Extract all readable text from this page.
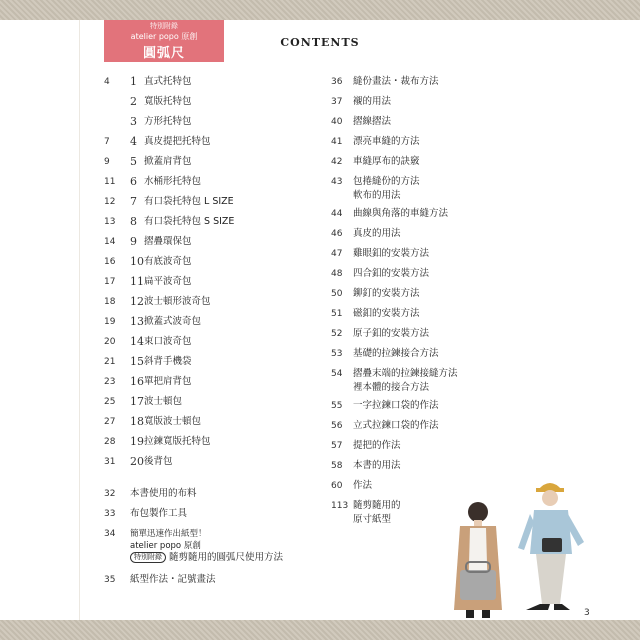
特別附錄
atelier popo 原創
圓弧尺
CONTENTS
4	1 直式托特包
2 寬版托特包
3 方形托特包
7	4 真皮提把托特包
9	5 掀蓋肩背包
11	6 水桶形托特包
12	7 有口袋托特包 L SIZE
13	8 有口袋托特包 S SIZE
14	9 摺疊環保包
16	10 有底波奇包
17	11 扁平波奇包
18	12 波士頓形波奇包
19	13 掀蓋式波奇包
20	14 束口波奇包
21	15 斜背手機袋
23	16 單把肩背包
25	17 波士頓包
27	18 寬版波士頓包
28	19 拉鍊寬版托特包
31	20 後背包
32	本書使用的布料
33	布包製作工具
34	簡單迅速作出紙型！
atelier popo 原創
特別附錄 隨剪隨用的圓弧尺使用方法
35	紙型作法・記號畫法
36	縫份畫法・裁布方法
37	襯的用法
40	摺線摺法
41	漂亮車縫的方法
42	車縫厚布的訣竅
43	包捲縫份的方法
軟布的用法
44	曲線與角落的車縫方法
46	真皮的用法
47	雞眼釦的安裝方法
48	四合釦的安裝方法
50	鉚釘的安裝方法
51	磁釦的安裝方法
52	原子釦的安裝方法
53	基礎的拉鍊接合方法
54	摺疊末端的拉鍊接縫方法
裡本體的接合方法
55	一字拉鍊口袋的作法
56	立式拉鍊口袋的作法
57	提把的作法
58	本書的用法
60	作法
113 隨剪隨用的
原寸紙型
3
